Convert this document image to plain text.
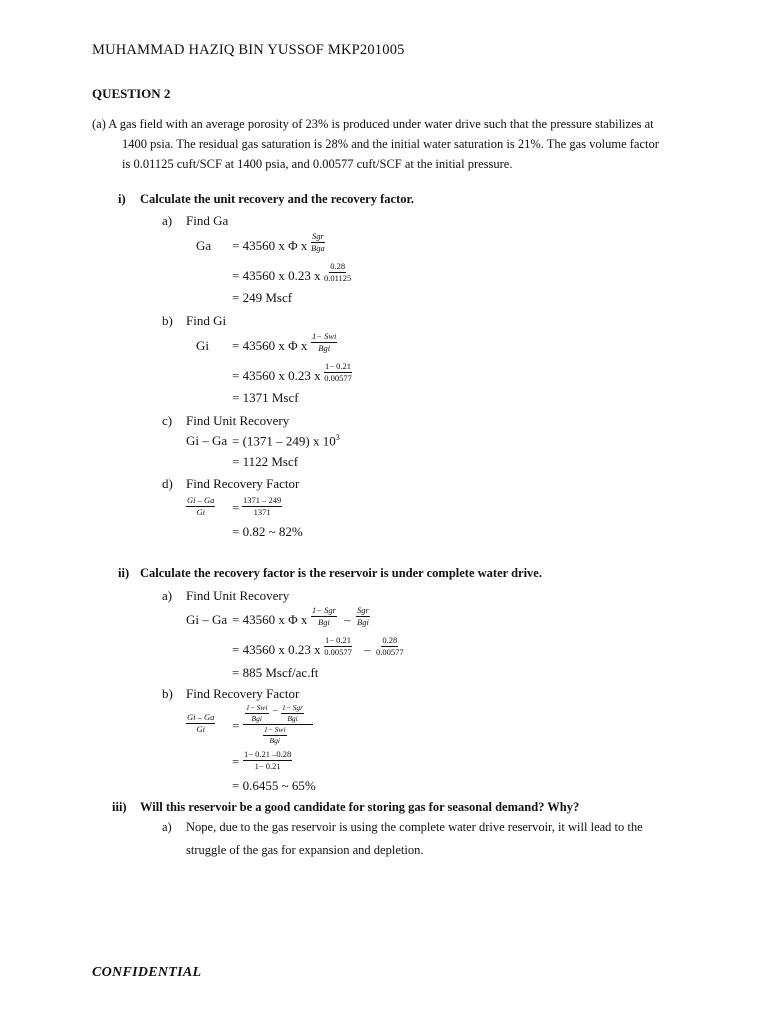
MUHAMMAD HAZIQ BIN YUSSOF MKP201005
QUESTION 2
(a) A gas field with an average porosity of 23% is produced under water drive such that the pressure stabilizes at
1400 psia. The residual gas saturation is 28% and the initial water saturation is 21%. The gas volume factor
is 0.01125 cuft/SCF at 1400 psia, and 0.00577 cuft/SCF at the initial pressure.
i) Calculate the unit recovery and the recovery factor.
a) Find Ga
Ga = 43560 x Φ x
Sgr
Bga
= 43560 x 0.23 x $\frac{0.28}{0.01125}$
= 249 Mscf
b) Find Gi
Gi = 43560 x Φ x
1− Swi
Bgi
= 43560 x 0.23 x $\frac{1- 0.21}{0.00577}$
= 1371 Mscf
c) Find Unit Recovery
Gi – Ga = (1371 – 249) x $10^3$
= 1122 Mscf
d) Find Recovery Factor
$\frac{Gi - Ga}{Gi} = \frac{1371 - 249}{1371}$
= 0.82 ~ 82%
ii) Calculate the recovery factor is the reservoir is under complete water drive.
a) Find Unit Recovery
Gi – Ga = 43560 x Φ x
1− Sgr
Bgi –
Sgr
Bgi
= 43560 x 0.23 x $\frac{1- 0.21}{0.00577} - \frac{0.28}{0.00577}$
= 885 Mscf/ac.ft
b) Find Recovery Factor
$\frac{Gi - Ga}{Gi}$ =
1− Swi
Bgi
– 1− Sgr
Bgi
1− Swi
Bgi
= $\frac{1- 0.21 -0.28}{1- 0.21}$
= 0.6455 ~ 65%
iii) Will this reservoir be a good candidate for storing gas for seasonal demand? Why?
a) Nope, due to the gas reservoir is using the complete water drive reservoir, it will lead to the
struggle of the gas for expansion and depletion.
CONFIDENTIAL
